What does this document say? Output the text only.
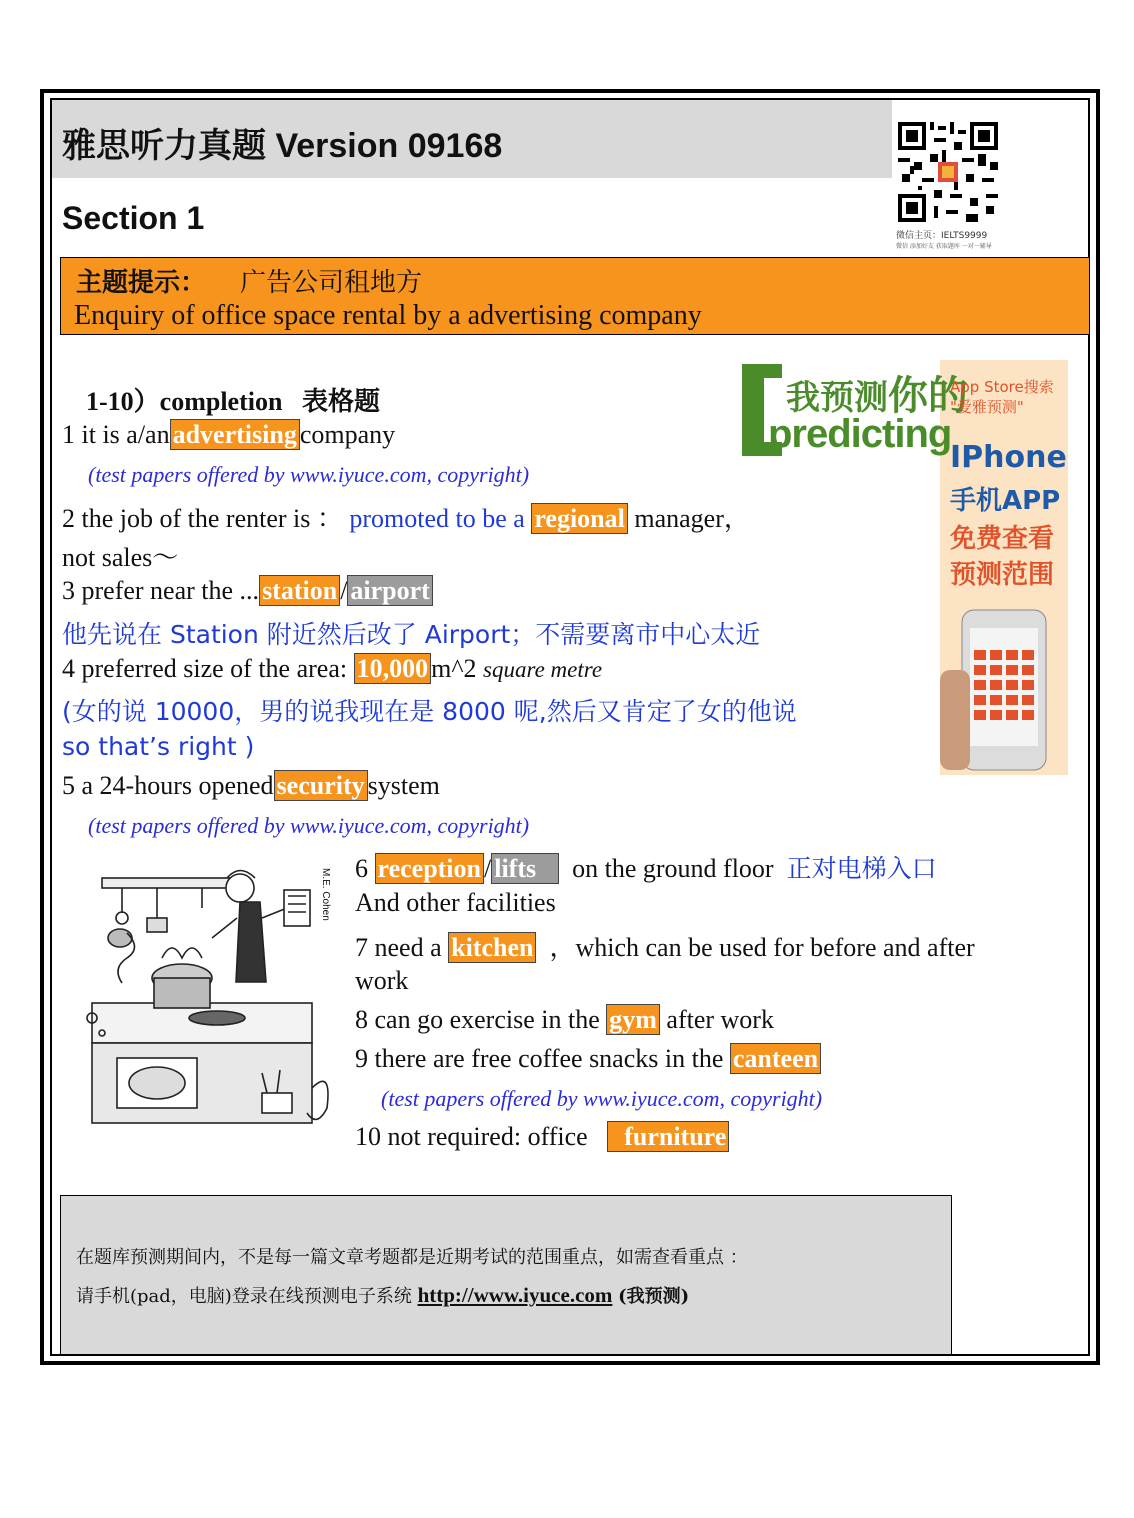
雅思听力真题 Version 09168
Section 1	微信主页：IELTS9999
微信 添加好友 获取题库 一对一辅导
主题提示： 广告公司租地方
Enquiry of office space rental by a advertising company
1-10）completion 表格题
1 it is a/an advertising company
(test papers offered by www.iyuce.com, copyright)
2 the job of the renter is ： promoted to be a regional manager，
not sales～
3 prefer near the ... station / airport
他先说在 Station 附近然后改了 Airport；不需要离市中心太近
4 preferred size of the area: 10,000 m^2 square metre
(女的说 10000，男的说我现在是 8000 呢,然后又肯定了女的他说
so that’s right )
5 a 24-hours opened security system
(test papers offered by www.iyuce.com, copyright)
M.E. Cohen 6 reception / lifts on the ground floor 正对电梯入口
And other facilities
7 need a kitchen ，which can be used for before and after
work
8 can go exercise in the gym after work
9 there are free coffee snacks in the canteen
(test papers offered by www.iyuce.com, copyright)
10 not required: office furniture
我预测你的
predicting
App Store搜索
"爱雅预测"
IPhone
手机APP
免费查看
预测范围
在题库预测期间内，不是每一篇文章考题都是近期考试的范围重点，如需查看重点 ：
请手机(pad，电脑)登录在线预测电子系统 http://www.iyuce.com (我预测)
